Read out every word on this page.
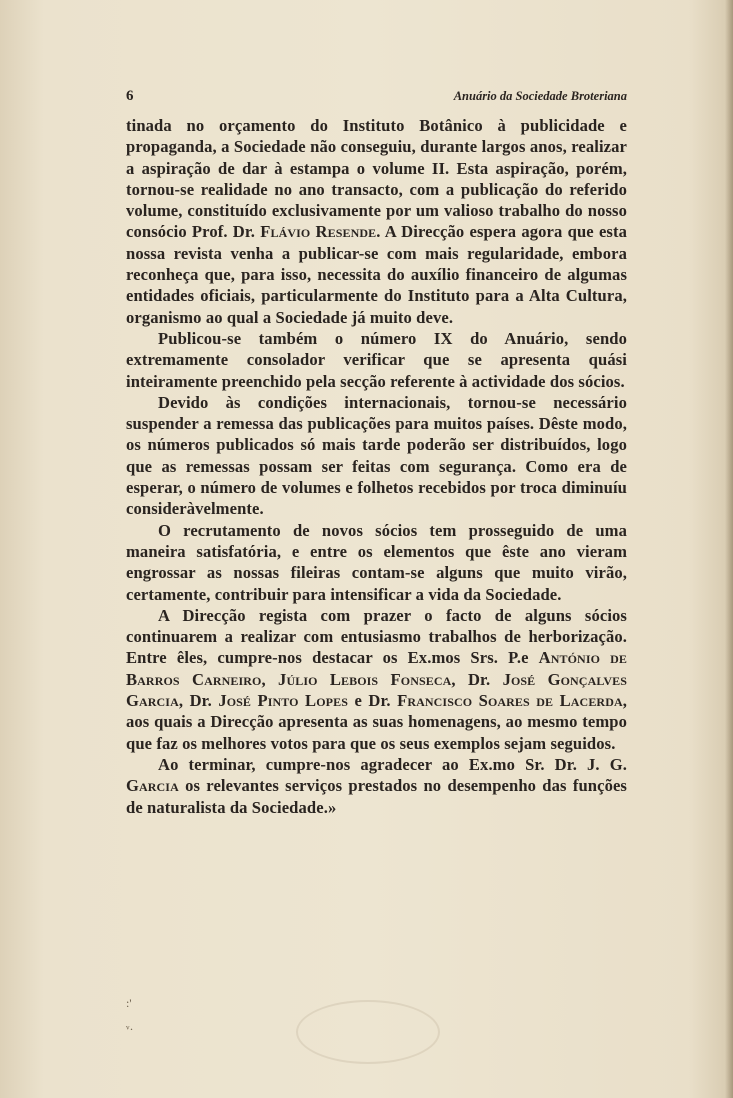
6	Anuário da Sociedade Broteriana

tinada no orçamento do Instituto Botânico à publicidade e propaganda, a Sociedade não conseguiu, durante largos anos, realizar a aspiração de dar à estampa o volume II. Esta aspiração, porém, tornou-se realidade no ano transacto, com a publicação do referido volume, constituído exclusivamente por um valioso trabalho do nosso consócio Prof. Dr. Flávio Resende. A Direcção espera agora que esta nossa revista venha a publicar-se com mais regularidade, embora reconheça que, para isso, necessita do auxílio financeiro de algumas entidades oficiais, particularmente do Instituto para a Alta Cultura, organismo ao qual a Sociedade já muito deve.

Publicou-se também o número IX do Anuário, sendo extremamente consolador verificar que se apresenta quási inteiramente preenchido pela secção referente à actividade dos sócios.

Devido às condições internacionais, tornou-se necessário suspender a remessa das publicações para muitos países. Dêste modo, os números publicados só mais tarde poderão ser distribuídos, logo que as remessas possam ser feitas com segurança. Como era de esperar, o número de volumes e folhetos recebidos por troca diminuíu consideràvelmente.

O recrutamento de novos sócios tem prosseguido de uma maneira satisfatória, e entre os elementos que êste ano vieram engrossar as nossas fileiras contam-se alguns que muito virão, certamente, contribuir para intensificar a vida da Sociedade.

A Direcção regista com prazer o facto de alguns sócios continuarem a realizar com entusiasmo trabalhos de herborização. Entre êles, cumpre-nos destacar os Ex.mos Srs. P.e António de Barros Carneiro, Júlio Lebois Fonseca, Dr. José Gonçalves Garcia, Dr. José Pinto Lopes e Dr. Francisco Soares de Lacerda, aos quais a Direcção apresenta as suas homenagens, ao mesmo tempo que faz os melhores votos para que os seus exemplos sejam seguidos.

Ao terminar, cumpre-nos agradecer ao Ex.mo Sr. Dr. J. G. Garcia os relevantes serviços prestados no desempenho das funções de naturalista da Sociedade.»

:'
ᵛ·
